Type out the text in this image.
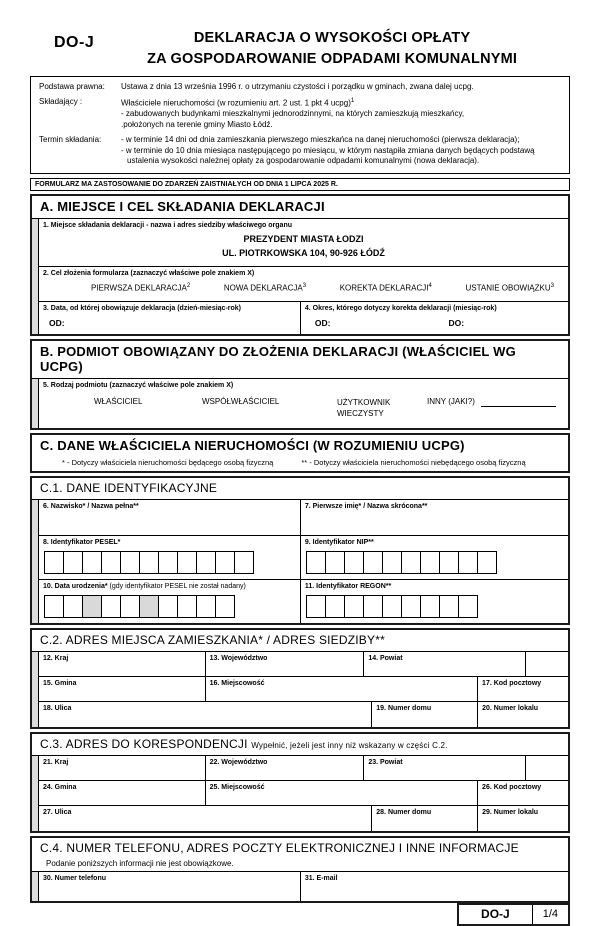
DO-J	DEKLARACJA O WYSOKOŚCI OPŁATY
ZA GOSPODAROWANIE ODPADAMI KOMUNALNYMI
Podstawa prawna:	Ustawa z dnia 13 września 1996 r. o utrzymaniu czystości i porządku w gminach, zwana dalej ucpg.
Składający :	Właściciele nieruchomości (w rozumieniu art. 2 ust. 1 pkt 4 ucpg)$^1$
- zabudowanych budynkami mieszkalnymi jednorodzinnymi, na których zamieszkują mieszkańcy,
.położonych na terenie gminy Miasto Łódź.
Termin składania:	- w terminie 14 dni od dnia zamieszkania pierwszego mieszkańca na danej nieruchomości (pierwsza deklaracja);
- w terminie do 10 dnia miesiąca następującego po miesiącu, w którym nastąpiła zmiana danych będących podstawą
ustalenia wysokości należnej opłaty za gospodarowanie odpadami komunalnymi (nowa deklaracja).
FORMULARZ MA ZASTOSOWANIE DO ZDARZEŃ ZAISTNIAŁYCH OD DNIA 1 LIPCA 2025 R.
A. MIEJSCE I CEL SKŁADANIA DEKLARACJI
1. Miejsce składania deklaracji - nazwa i adres siedziby właściwego organu
PREZYDENT MIASTA ŁODZI
UL. PIOTRKOWSKA 104, 90-926 ŁÓDŹ
2. Cel złożenia formularza (zaznaczyć właściwe pole znakiem X)
PIERWSZA DEKLARACJA$^2$	NOWA DEKLARACJA$^3$	KOREKTA DEKLARACJI$^4$	USTANIE OBOWIĄZKU$^3$
3. Data, od której obowiązuje deklaracja (dzień-miesiąc-rok)
OD:
4. Okres, którego dotyczy korekta deklaracji (miesiąc-rok)
OD:	DO:
B. PODMIOT OBOWIĄZANY DO ZŁOŻENIA DEKLARACJI (WŁAŚCICIEL WG UCPG)
5. Rodzaj podmiotu (zaznaczyć właściwe pole znakiem X)
WŁAŚCICIEL	WSPÓŁWŁAŚCICIEL	UŻYTKOWNIK WIECZYSTY
INNY (JAKI?)
C. DANE WŁAŚCICIELA NIERUCHOMOŚCI (W ROZUMIENIU UCPG)
* - Dotyczy właściciela nieruchomości będącego osobą fizyczną	** - Dotyczy właściciela nieruchomości niebędącego osobą fizyczną
C.1. DANE IDENTYFIKACYJNE
6. Nazwisko* / Nazwa pełna**	7. Pierwsze imię* / Nazwa skrócona**
8. Identyfikator PESEL*	9. Identyfikator NIP**
10. Data urodzenia* (gdy identyfikator PESEL nie został nadany)	11. Identyfikator REGON**
C.2. ADRES MIEJSCA ZAMIESZKANIA* / ADRES SIEDZIBY**
12. Kraj	13. Województwo	14. Powiat
15. Gmina	16. Miejscowość	17. Kod pocztowy
18. Ulica	19. Numer domu	20. Numer lokalu
C.3. ADRES DO KORESPONDENCJI Wypełnić, jeżeli jest inny niż wskazany w części C.2.
21. Kraj	22. Województwo	23. Powiat
24. Gmina	25. Miejscowość	26. Kod pocztowy
27. Ulica	28. Numer domu	29. Numer lokalu
C.4. NUMER TELEFONU, ADRES POCZTY ELEKTRONICZNEJ I INNE INFORMACJE
Podanie poniższych informacji nie jest obowiązkowe.
30. Numer telefonu	31. E-mail
DO-J	1/4
